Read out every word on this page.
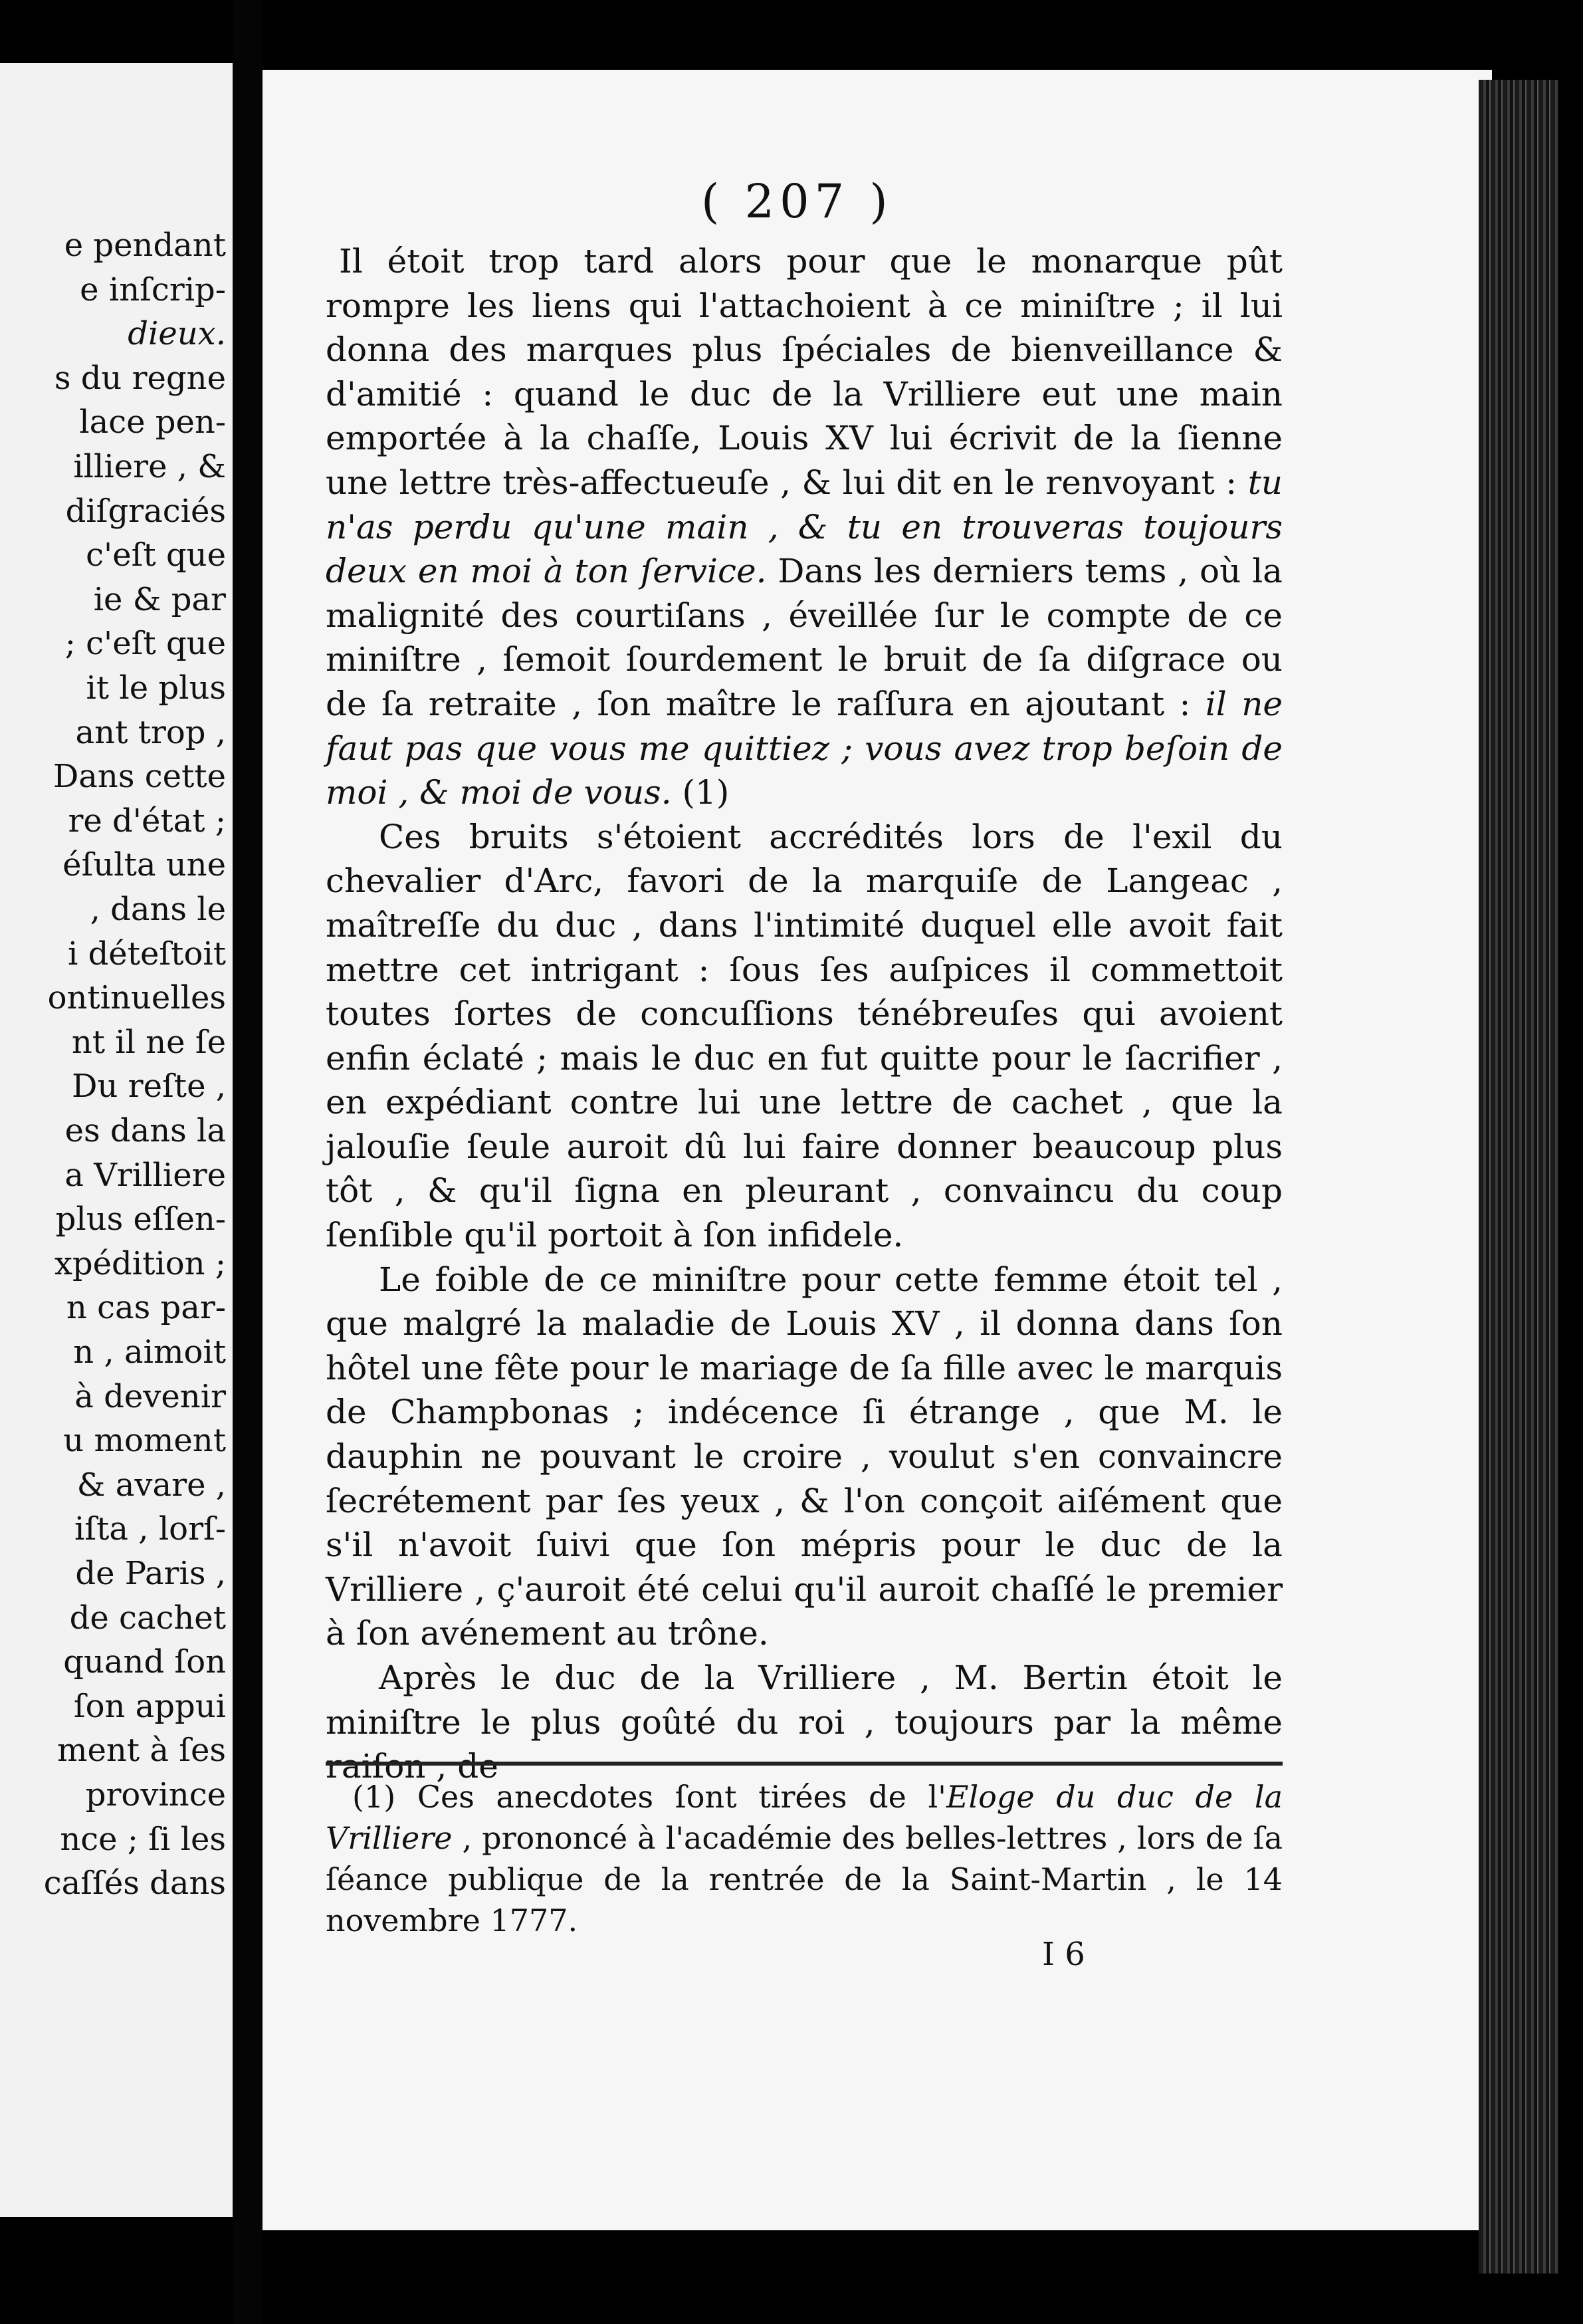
e pendant
e inſcrip-
dieux.
s du regne
lace pen-
illiere , &
diſgraciés
c'eſt que
ie & par
; c'eſt que
it le plus
ant trop ,
Dans cette
re d'état ;
éſulta une
, dans le
i déteſtoit
ontinuelles
nt il ne ſe
Du reſte ,
es dans la
a Vrilliere
plus eſſen-
xpédition ;
n cas par-
n , aimoit
à devenir
u moment
& avare ,
iſta , lorſ-
de Paris ,
de cachet
quand ſon
ſon appui
ment à ſes
province
nce ; ſi les
caſſés dans
( 207 )

Il étoit trop tard alors pour que le monarque pût rompre les liens qui l'attachoient à ce miniſtre ; il lui donna des marques plus ſpéciales de bienveillance & d'amitié : quand le duc de la Vrilliere eut une main emportée à la chaſſe, Louis XV lui écrivit de la ſienne une lettre très-affectueuſe , & lui dit en le renvoyant : tu n'as perdu qu'une main , & tu en trouveras toujours deux en moi à ton ſervice. Dans les derniers tems , où la malignité des courtiſans , éveillée ſur le compte de ce miniſtre , ſemoit ſourdement le bruit de ſa diſgrace ou de ſa retraite , ſon maître le raſſura en ajoutant : il ne faut pas que vous me quittiez ; vous avez trop beſoin de moi , & moi de vous. (1)

Ces bruits s'étoient accrédités lors de l'exil du chevalier d'Arc, favori de la marquiſe de Langeac , maîtreſſe du duc , dans l'intimité duquel elle avoit fait mettre cet intrigant : ſous ſes auſpices il commettoit toutes ſortes de concuſſions ténébreuſes qui avoient enfin éclaté ; mais le duc en fut quitte pour le ſacrifier , en expédiant contre lui une lettre de cachet , que la jalouſie ſeule auroit dû lui faire donner beaucoup plus tôt , & qu'il ſigna en pleurant , convaincu du coup ſenſible qu'il portoit à ſon infidele.

Le foible de ce miniſtre pour cette femme étoit tel , que malgré la maladie de Louis XV , il donna dans ſon hôtel une fête pour le mariage de ſa fille avec le marquis de Champbonas ; indécence ſi étrange , que M. le dauphin ne pouvant le croire , voulut s'en convaincre ſecrétement par ſes yeux , & l'on conçoit aiſément que s'il n'avoit ſuivi que ſon mépris pour le duc de la Vrilliere , ç'auroit été celui qu'il auroit chaſſé le premier à ſon avénement au trône.

Après le duc de la Vrilliere , M. Bertin étoit le miniſtre le plus goûté du roi , toujours par la même raiſon , de

(1) Ces anecdotes ſont tirées de l'Eloge du duc de la Vrilliere , prononcé à l'académie des belles-lettres , lors de ſa ſéance publique de la rentrée de la Saint-Martin , le 14 novembre 1777.
I 6
